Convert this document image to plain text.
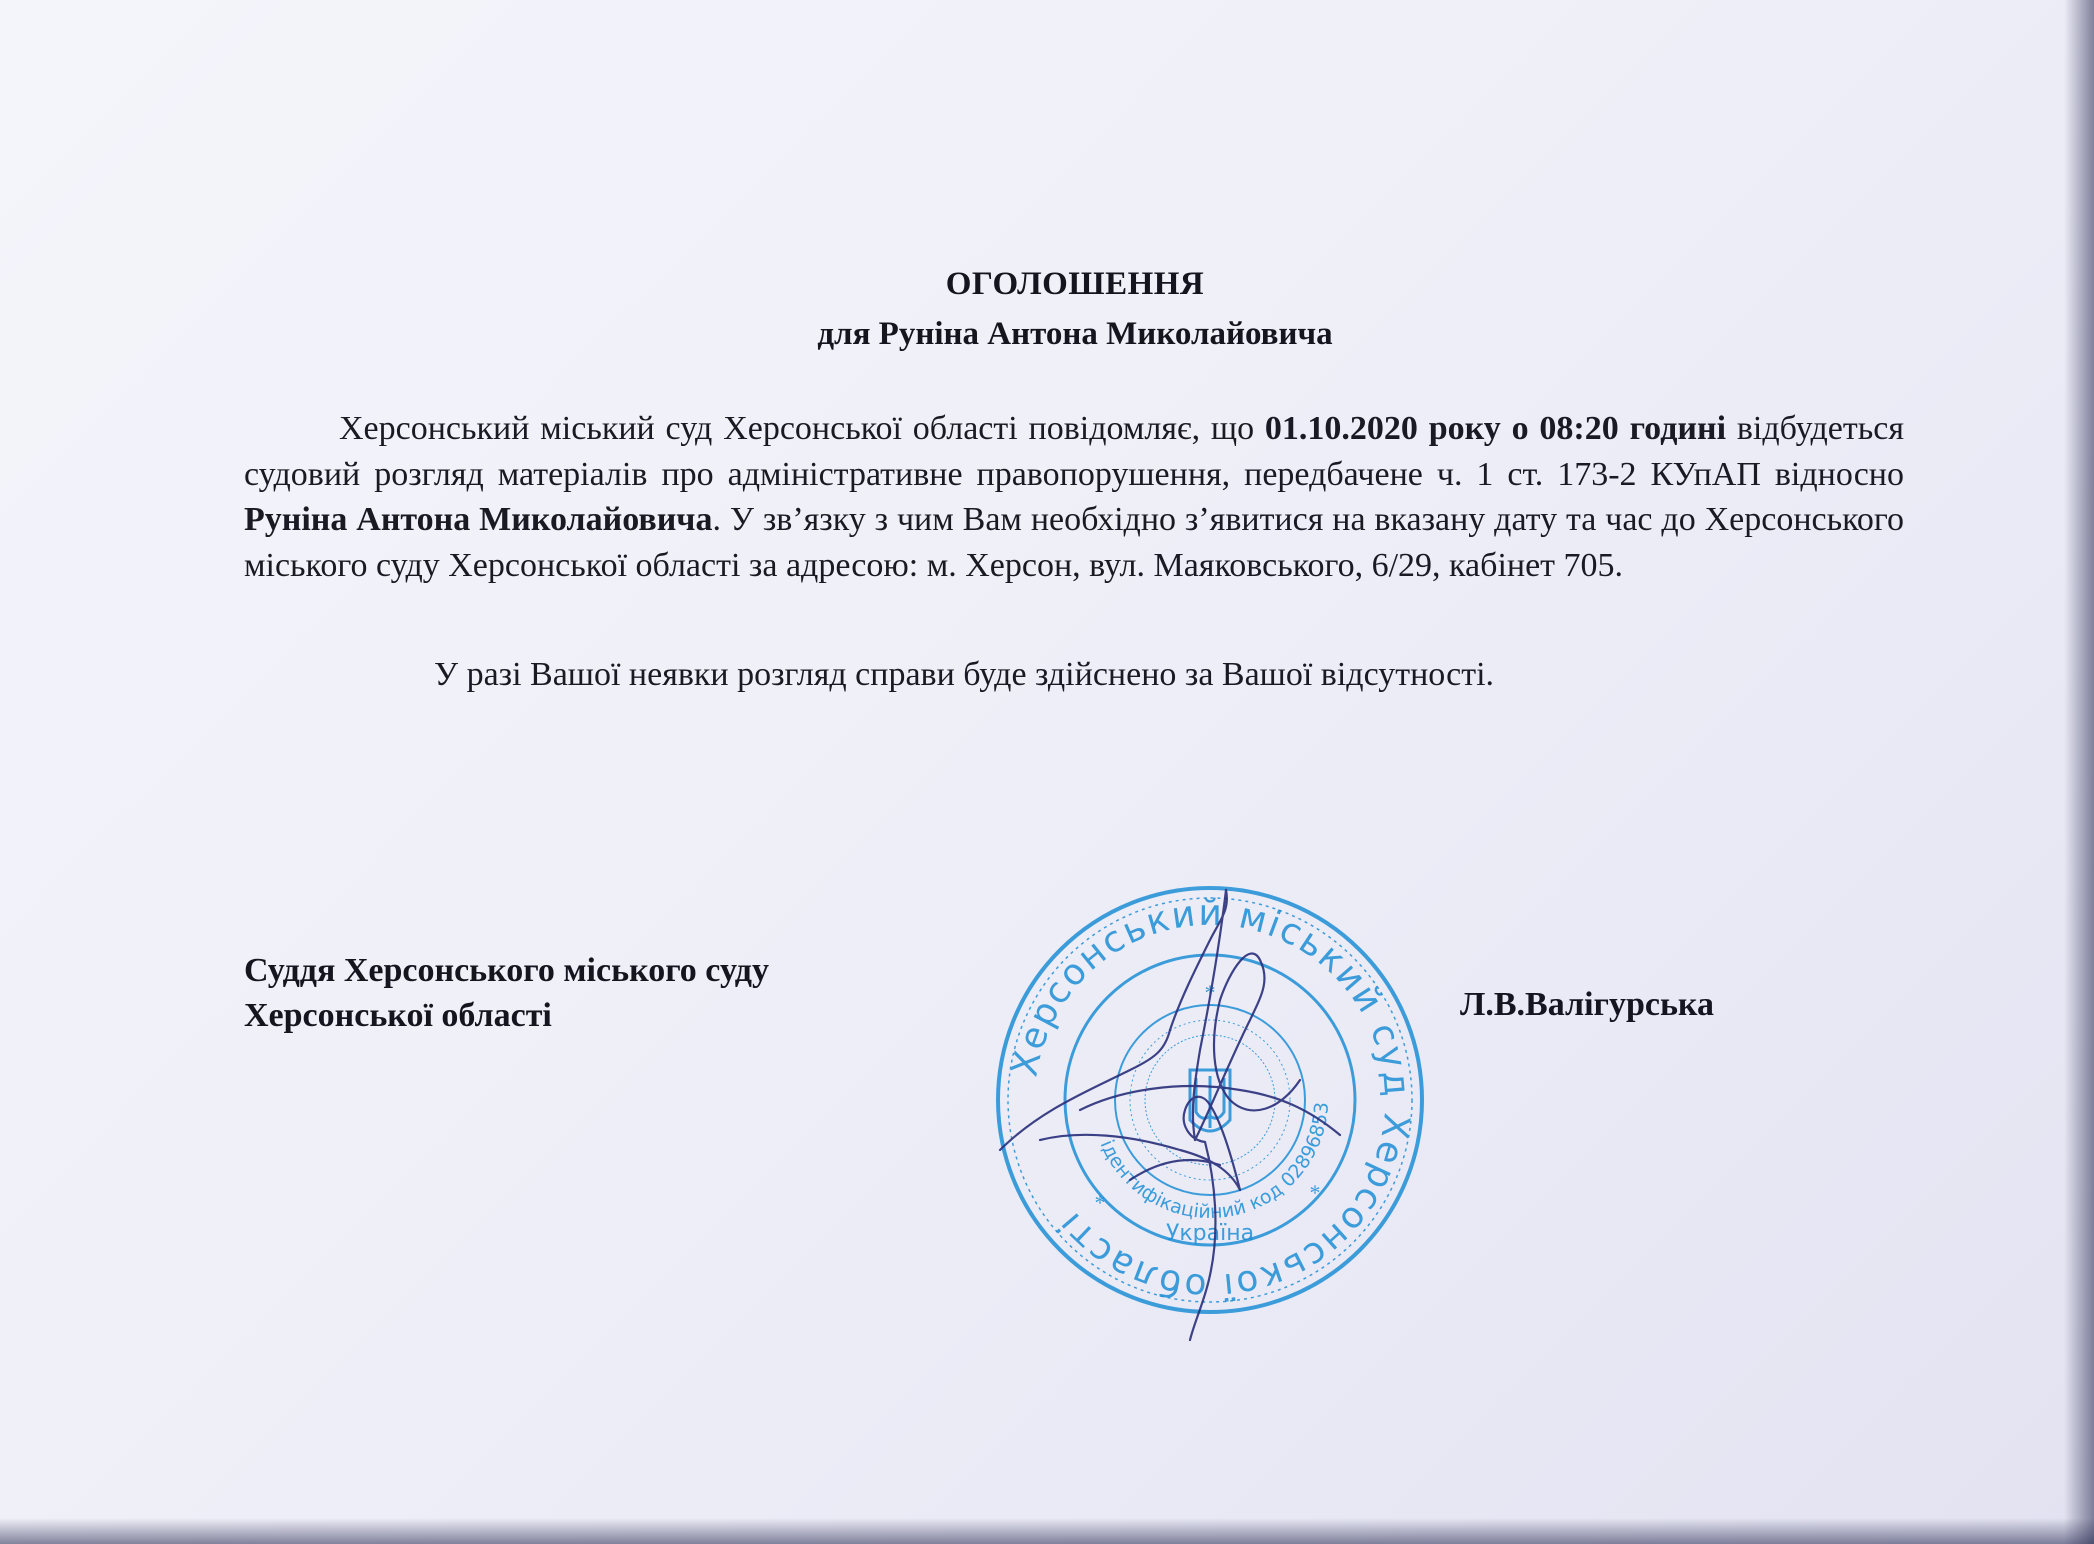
ОГОЛОШЕННЯ
для Руніна Антона Миколайовича
Херсонський міський суд Херсонської області повідомляє, що 01.10.2020 року о 08:20 годині відбудеться судовий розгляд матеріалів про адміністративне правопорушення, передбачене ч. 1 ст. 173-2 КУпАП відносно Руніна Антона Миколайовича. У зв’язку з чим Вам необхідно з’явитися на вказану дату та час до Херсонського міського суду Херсонської області за адресою: м. Херсон, вул. Маяковського, 6/29, кабінет 705.
У разі Вашої неявки розгляд справи буде здійснено за Вашої відсутності.
Суддя Херсонського міського суду
Херсонської області	Л.В.Валігурська
Херсонський міський суд Херсонської області
ідентифікаційний код 02896853
Україна
*
*	*
